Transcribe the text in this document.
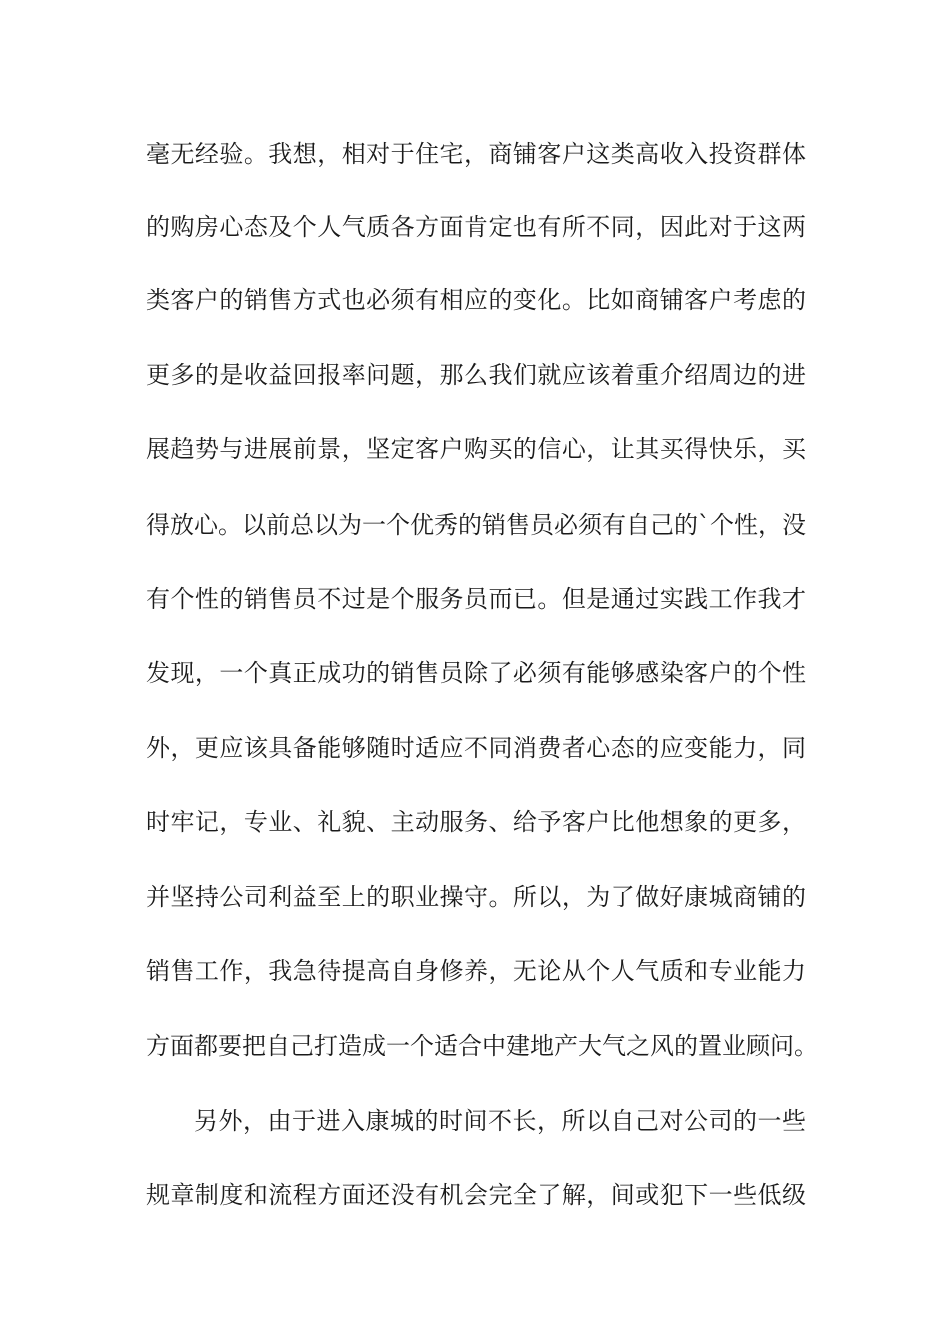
毫无经验。我想，相对于住宅，商铺客户这类高收入投资群体
的购房心态及个人气质各方面肯定也有所不同，因此对于这两
类客户的销售方式也必须有相应的变化。比如商铺客户考虑的
更多的是收益回报率问题，那么我们就应该着重介绍周边的进
展趋势与进展前景，坚定客户购买的信心，让其买得快乐，买
得放心。以前总以为一个优秀的销售员必须有自己的`个性，没
有个性的销售员不过是个服务员而已。但是通过实践工作我才
发现，一个真正成功的销售员除了必须有能够感染客户的个性
外，更应该具备能够随时适应不同消费者心态的应变能力，同
时牢记，专业、礼貌、主动服务、给予客户比他想象的更多，
并坚持公司利益至上的职业操守。所以，为了做好康城商铺的
销售工作，我急待提高自身修养，无论从个人气质和专业能力
方面都要把自己打造成一个适合中建地产大气之风的置业顾问。
另外，由于进入康城的时间不长，所以自己对公司的一些
规章制度和流程方面还没有机会完全了解，间或犯下一些低级
